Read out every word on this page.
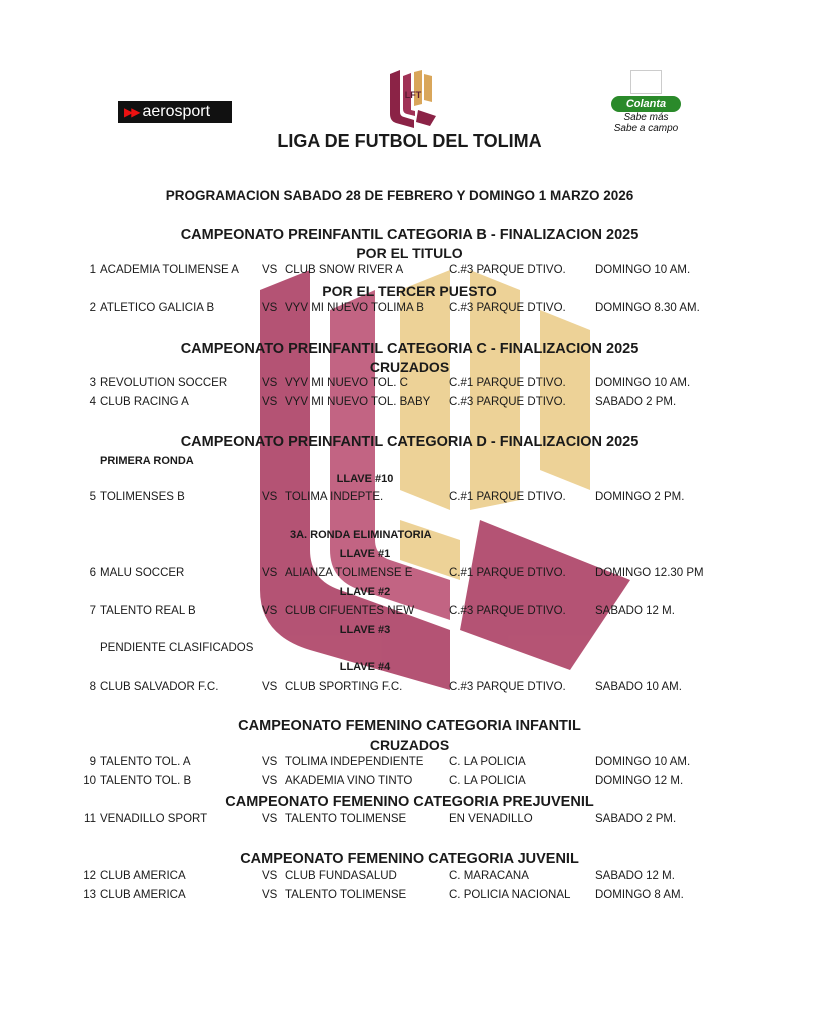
LFT
▶▶ aerosport	Colanta
Sabe más
Sabe a campo
LIGA DE FUTBOL DEL TOLIMA
PROGRAMACION SABADO 28 DE FEBRERO Y DOMINGO 1 MARZO 2026
CAMPEONATO PREINFANTIL CATEGORIA B - FINALIZACION 2025
POR EL TITULO
POR EL TERCER PUESTO
CAMPEONATO PREINFANTIL CATEGORIA C - FINALIZACION 2025
CRUZADOS
CAMPEONATO PREINFANTIL CATEGORIA D - FINALIZACION 2025
PRIMERA RONDA
LLAVE #10
3A. RONDA ELIMINATORIA
LLAVE #1
LLAVE #2
LLAVE #3
PENDIENTE CLASIFICADOS
LLAVE #4
CAMPEONATO FEMENINO CATEGORIA INFANTIL
CRUZADOS
CAMPEONATO FEMENINO CATEGORIA PREJUVENIL
CAMPEONATO FEMENINO CATEGORIA JUVENIL
1 ACADEMIA TOLIMENSE A VS CLUB SNOW RIVER A	C.#3 PARQUE DTIVO.	DOMINGO 10 AM.
2 ATLETICO GALICIA B	VS VYV MI NUEVO TOLIMA B C.#3 PARQUE DTIVO.	DOMINGO 8.30 AM.
3 REVOLUTION SOCCER	VS VYV MI NUEVO TOL. C	C.#1 PARQUE DTIVO.	DOMINGO 10 AM.
4 CLUB RACING A	VS VYV MI NUEVO TOL. BABY C.#3 PARQUE DTIVO.	SABADO 2 PM.
5 TOLIMENSES B	VS TOLIMA INDEPTE.	C.#1 PARQUE DTIVO.	DOMINGO 2 PM.
6 MALU SOCCER	VS ALIANZA TOLIMENSE E	C.#1 PARQUE DTIVO.	DOMINGO 12.30 PM
7 TALENTO REAL B	VS CLUB CIFUENTES NEW	C.#3 PARQUE DTIVO.	SABADO 12 M.
8 CLUB SALVADOR F.C.	VS CLUB SPORTING F.C.	C.#3 PARQUE DTIVO.	SABADO 10 AM.
9 TALENTO TOL. A	VS TOLIMA INDEPENDIENTE C. LA POLICIA	DOMINGO 10 AM.
10 TALENTO TOL. B	VS AKADEMIA VINO TINTO	C. LA POLICIA	DOMINGO 12 M.
11 VENADILLO SPORT	VS TALENTO TOLIMENSE	EN VENADILLO	SABADO 2 PM.
12 CLUB AMERICA	VS CLUB FUNDASALUD	C. MARACANA	SABADO 12 M.
13 CLUB AMERICA	VS TALENTO TOLIMENSE	C. POLICIA NACIONAL DOMINGO 8 AM.
